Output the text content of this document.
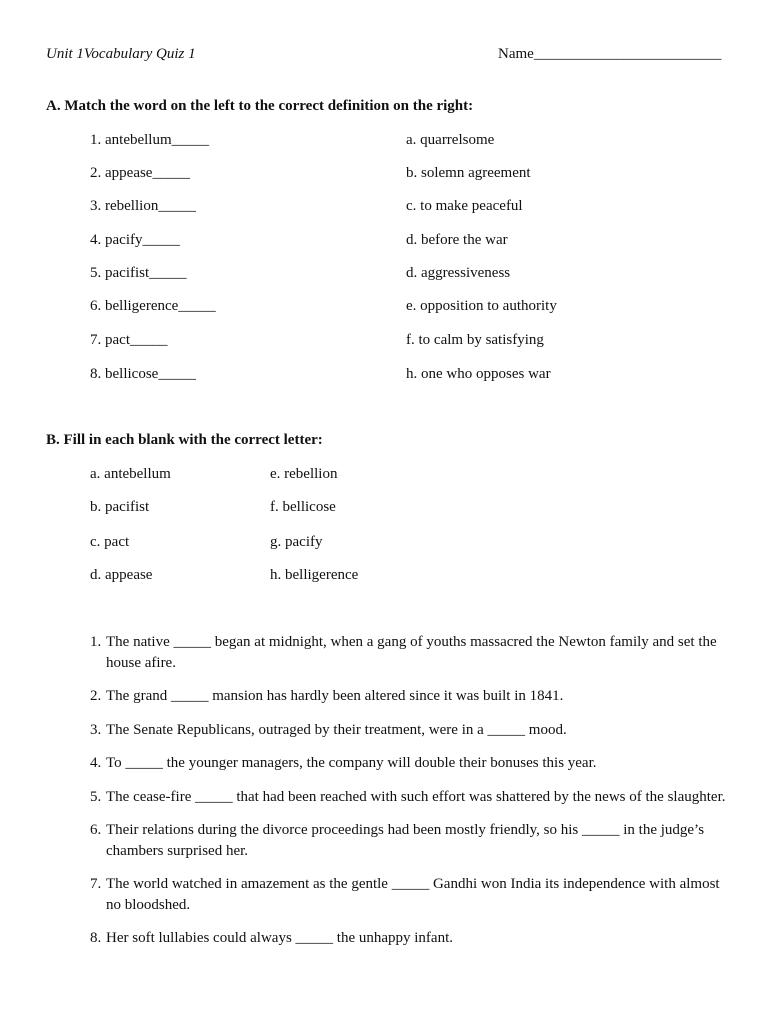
Unit 1Vocabulary Quiz 1	Name_________________________
A. Match the word on the left to the correct definition on the right:
1. antebellum_____
2. appease_____
3. rebellion_____
4. pacify_____
5. pacifist_____
6. belligerence_____
7. pact_____
8. bellicose_____
a. quarrelsome
b. solemn agreement
c. to make peaceful
d. before the war
d. aggressiveness
e. opposition to authority
f. to calm by satisfying
h. one who opposes war
B. Fill in each blank with the correct letter:
a. antebellum
b. pacifist
c. pact
d. appease
e. rebellion
f. bellicose
g. pacify
h. belligerence
1. The native _____ began at midnight, when a gang of youths massacred the Newton family and set the house afire.
2. The grand _____ mansion has hardly been altered since it was built in 1841.
3. The Senate Republicans, outraged by their treatment, were in a _____ mood.
4. To _____ the younger managers, the company will double their bonuses this year.
5. The cease-fire _____ that had been reached with such effort was shattered by the news of the slaughter.
6. Their relations during the divorce proceedings had been mostly friendly, so his _____ in the judge’s chambers surprised her.
7. The world watched in amazement as the gentle _____ Gandhi won India its independence with almost no bloodshed.
8. Her soft lullabies could always _____ the unhappy infant.
